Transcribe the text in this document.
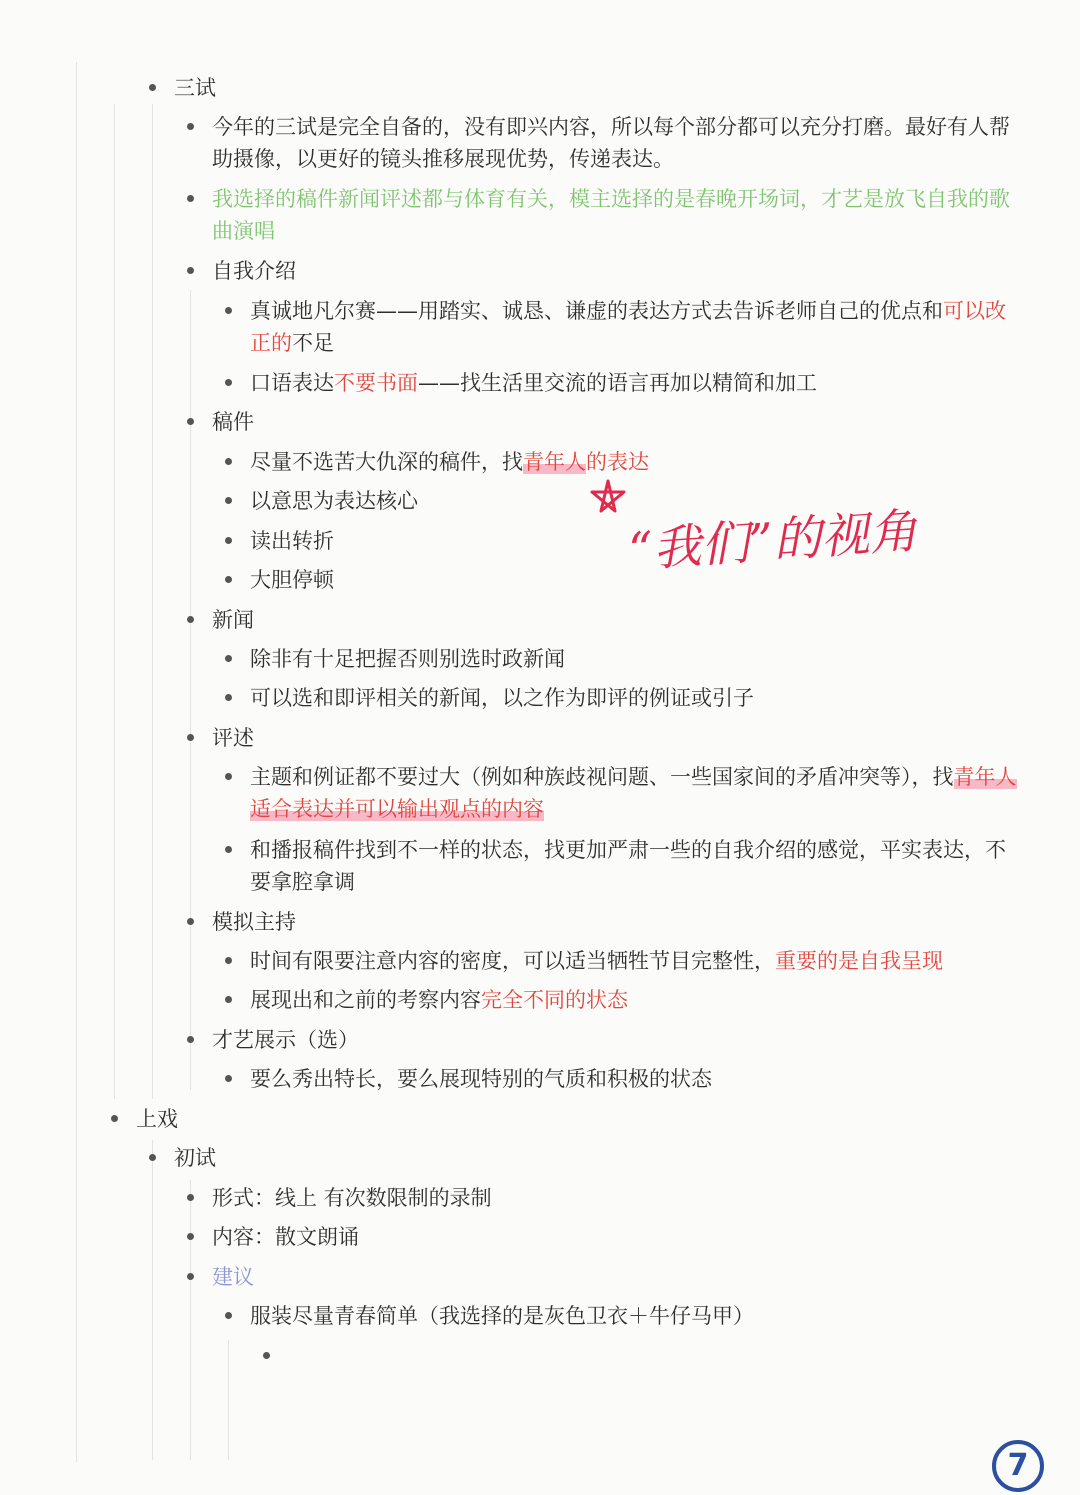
三试
今年的三试是完全自备的，没有即兴内容，所以每个部分都可以充分打磨。最好有人帮助摄像，以更好的镜头推移展现优势，传递表达。
我选择的稿件新闻评述都与体育有关，模主选择的是春晚开场词，才艺是放飞自我的歌曲演唱
自我介绍
真诚地凡尔赛——用踏实、诚恳、谦虚的表达方式去告诉老师自己的优点和可以改正的不足
口语表达不要书面——找生活里交流的语言再加以精简和加工
稿件
尽量不选苦大仇深的稿件，找青年人的表达
以意思为表达核心
读出转折
大胆停顿
新闻
除非有十足把握否则别选时政新闻
可以选和即评相关的新闻，以之作为即评的例证或引子
评述
主题和例证都不要过大（例如种族歧视问题、一些国家间的矛盾冲突等），找青年人适合表达并可以输出观点的内容
和播报稿件找到不一样的状态，找更加严肃一些的自我介绍的感觉，平实表达，不要拿腔拿调
模拟主持
时间有限要注意内容的密度，可以适当牺牲节目完整性，重要的是自我呈现
展现出和之前的考察内容完全不同的状态
才艺展示（选）
要么秀出特长，要么展现特别的气质和积极的状态
上戏
初试
形式：线上 有次数限制的录制
内容：散文朗诵
建议
服装尽量青春简单（我选择的是灰色卫衣＋牛仔马甲）
“我们”的视角
7
